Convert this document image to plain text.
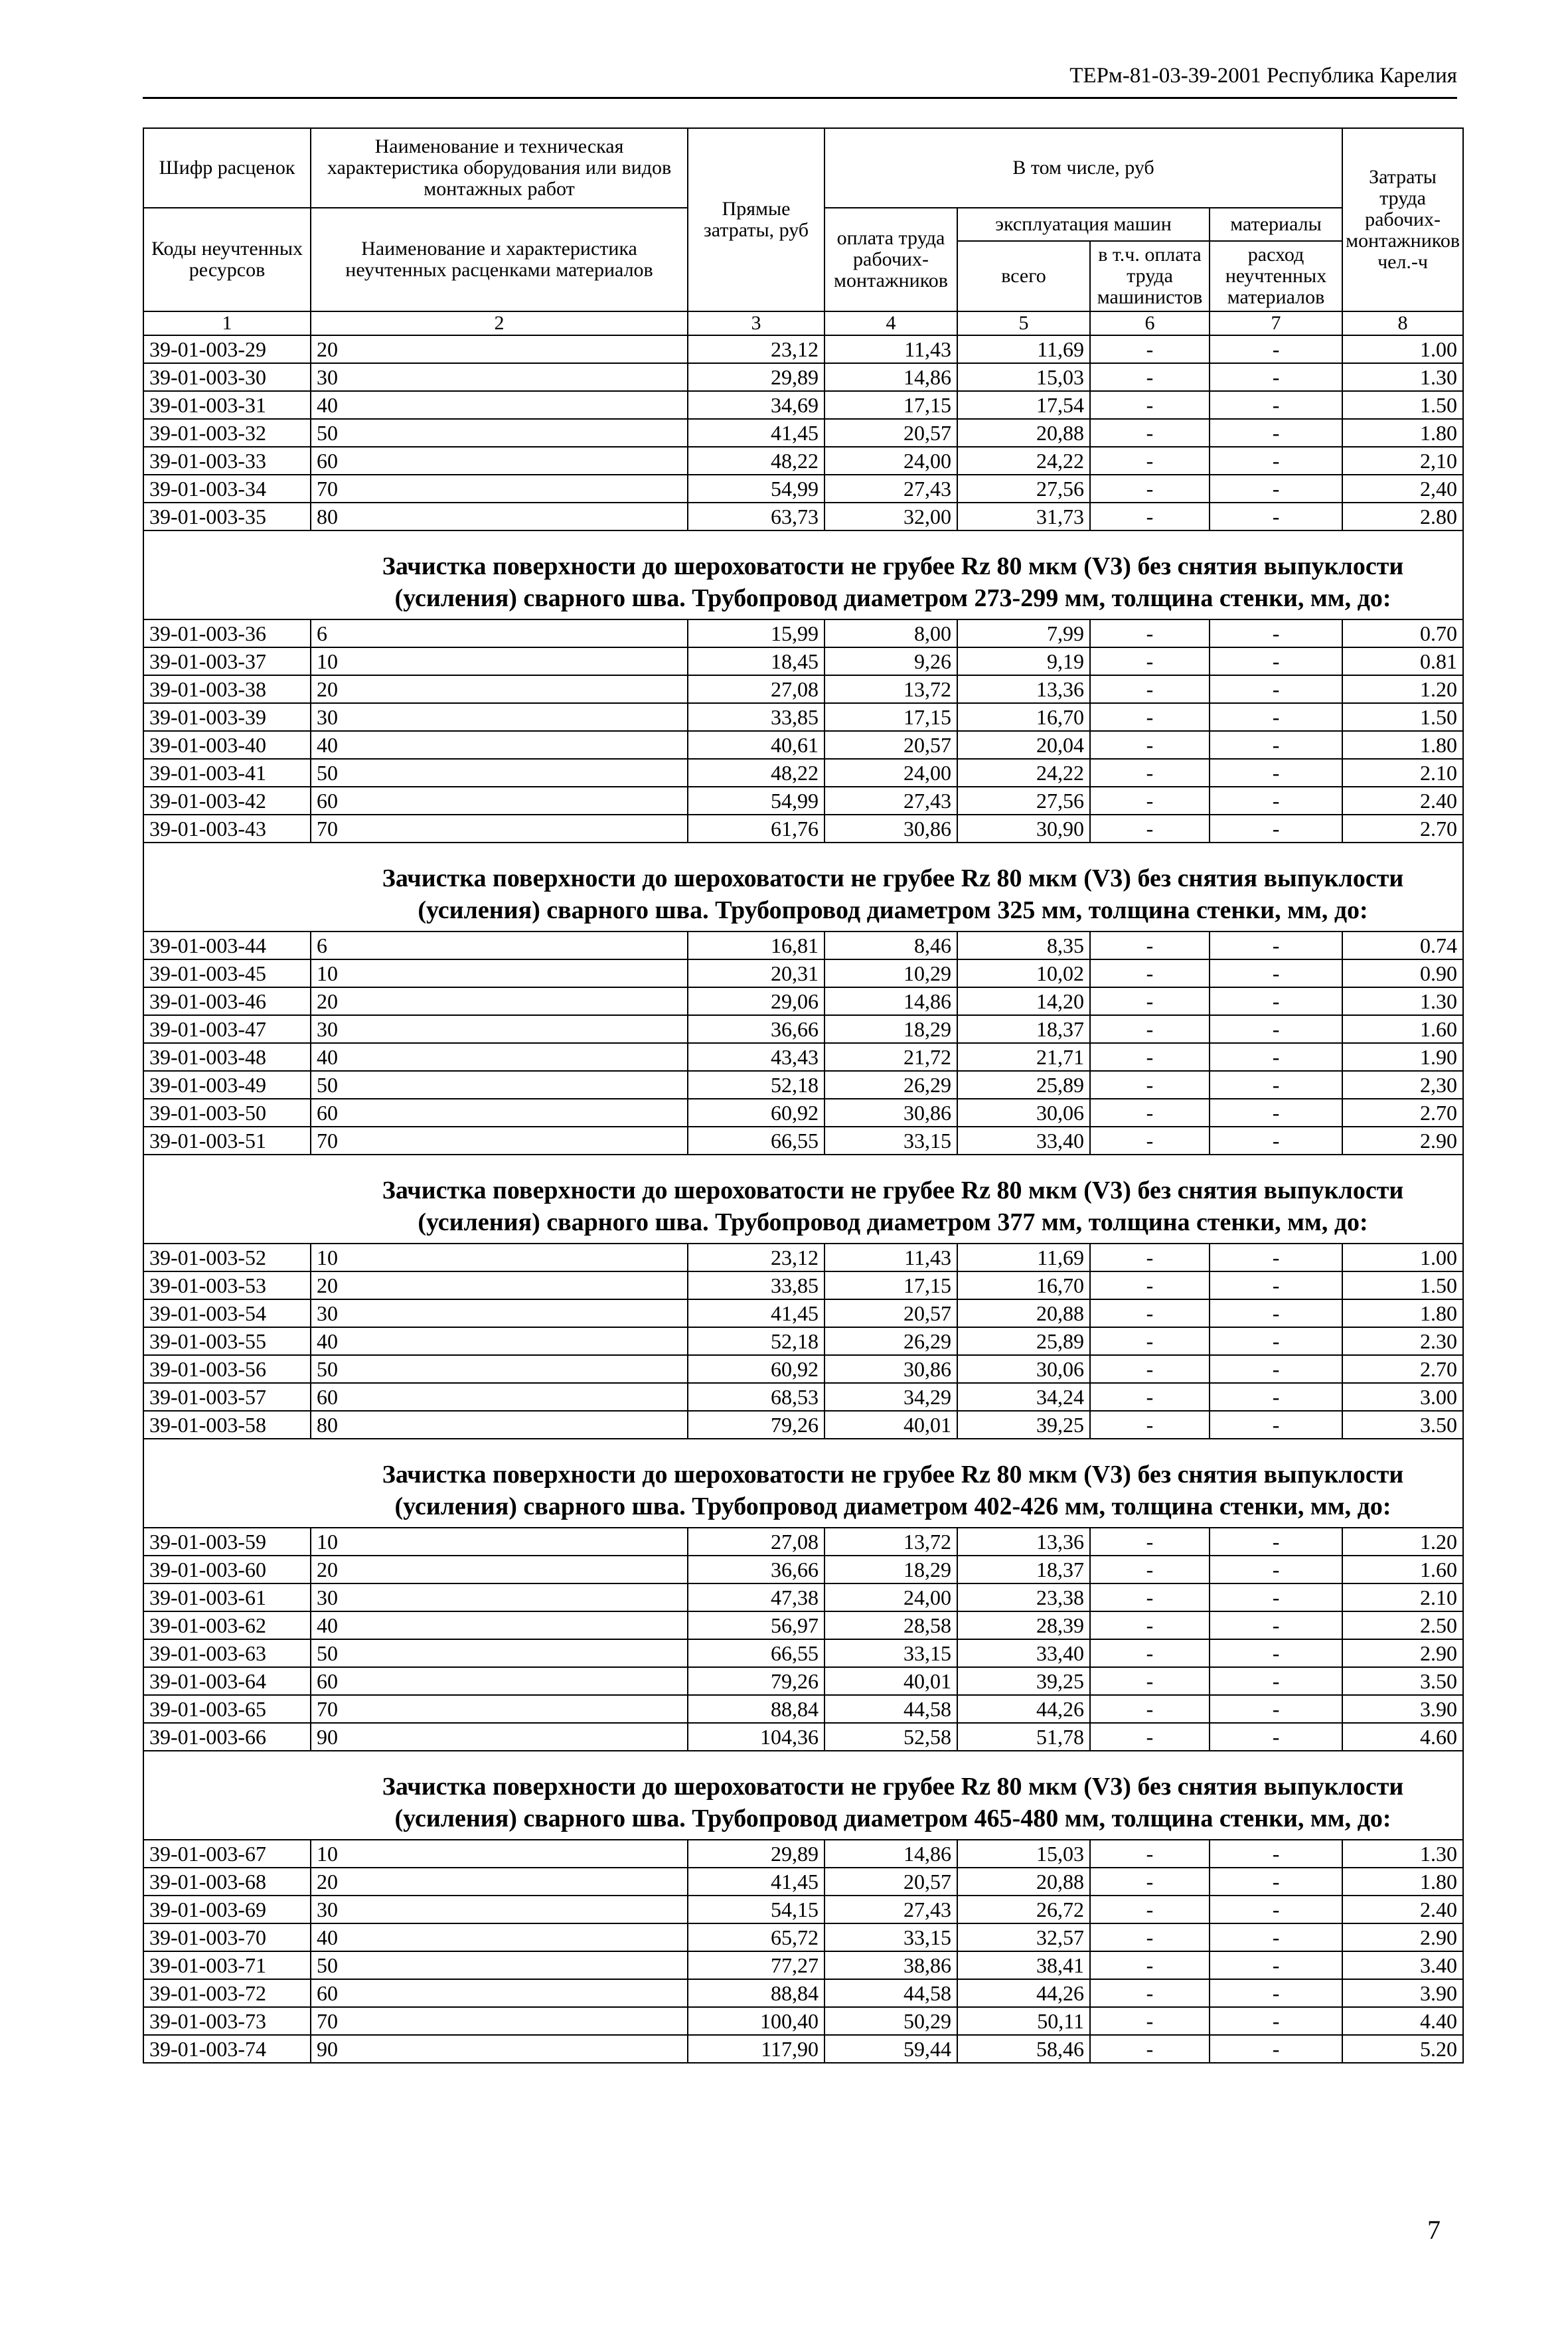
ТЕРм-81-03-39-2001 Республика Карелия
Шифр расценок	Наименование и техническая характеристика оборудования или видов монтажных работ	Прямые затраты, руб	В том числе, руб				Затраты труда рабочих-монтажников чел.-ч
Коды неучтенных ресурсов	Наименование и характеристика неучтенных расценками материалов		оплата труда рабочих-монтажников	эксплуатация машин		материалы	
				всего	в т.ч. оплата труда машинистов	расход неучтенных материалов	
1	2	3	4	5	6	7	8
39-01-003-29	20	23,12	11,43	11,69	-	-	1.00
39-01-003-30	30	29,89	14,86	15,03	-	-	1.30
39-01-003-31	40	34,69	17,15	17,54	-	-	1.50
39-01-003-32	50	41,45	20,57	20,88	-	-	1.80
39-01-003-33	60	48,22	24,00	24,22	-	-	2,10
39-01-003-34	70	54,99	27,43	27,56	-	-	2,40
39-01-003-35	80	63,73	32,00	31,73	-	-	2.80

Зачистка поверхности до шероховатости не грубее Rz 80 мкм (V3) без снятия выпуклости
(усиления) сварного шва. Трубопровод диаметром 273-299 мм, толщина стенки, мм, до:							

39-01-003-36	6	15,99	8,00	7,99	-	-	0.70
39-01-003-37	10	18,45	9,26	9,19	-	-	0.81
39-01-003-38	20	27,08	13,72	13,36	-	-	1.20
39-01-003-39	30	33,85	17,15	16,70	-	-	1.50
39-01-003-40	40	40,61	20,57	20,04	-	-	1.80
39-01-003-41	50	48,22	24,00	24,22	-	-	2.10
39-01-003-42	60	54,99	27,43	27,56	-	-	2.40
39-01-003-43	70	61,76	30,86	30,90	-	-	2.70

Зачистка поверхности до шероховатости не грубее Rz 80 мкм (V3) без снятия выпуклости
(усиления) сварного шва. Трубопровод диаметром 325 мм, толщина стенки, мм, до:							

39-01-003-44	6	16,81	8,46	8,35	-	-	0.74
39-01-003-45	10	20,31	10,29	10,02	-	-	0.90
39-01-003-46	20	29,06	14,86	14,20	-	-	1.30
39-01-003-47	30	36,66	18,29	18,37	-	-	1.60
39-01-003-48	40	43,43	21,72	21,71	-	-	1.90
39-01-003-49	50	52,18	26,29	25,89	-	-	2,30
39-01-003-50	60	60,92	30,86	30,06	-	-	2.70
39-01-003-51	70	66,55	33,15	33,40	-	-	2.90

Зачистка поверхности до шероховатости не грубее Rz 80 мкм (V3) без снятия выпуклости
(усиления) сварного шва. Трубопровод диаметром 377 мм, толщина стенки, мм, до:							

39-01-003-52	10	23,12	11,43	11,69	-	-	1.00
39-01-003-53	20	33,85	17,15	16,70	-	-	1.50
39-01-003-54	30	41,45	20,57	20,88	-	-	1.80
39-01-003-55	40	52,18	26,29	25,89	-	-	2.30
39-01-003-56	50	60,92	30,86	30,06	-	-	2.70
39-01-003-57	60	68,53	34,29	34,24	-	-	3.00
39-01-003-58	80	79,26	40,01	39,25	-	-	3.50

Зачистка поверхности до шероховатости не грубее Rz 80 мкм (V3) без снятия выпуклости
(усиления) сварного шва. Трубопровод диаметром 402-426 мм, толщина стенки, мм, до:							

39-01-003-59	10	27,08	13,72	13,36	-	-	1.20
39-01-003-60	20	36,66	18,29	18,37	-	-	1.60
39-01-003-61	30	47,38	24,00	23,38	-	-	2.10
39-01-003-62	40	56,97	28,58	28,39	-	-	2.50
39-01-003-63	50	66,55	33,15	33,40	-	-	2.90
39-01-003-64	60	79,26	40,01	39,25	-	-	3.50
39-01-003-65	70	88,84	44,58	44,26	-	-	3.90
39-01-003-66	90	104,36	52,58	51,78	-	-	4.60

Зачистка поверхности до шероховатости не грубее Rz 80 мкм (V3) без снятия выпуклости
(усиления) сварного шва. Трубопровод диаметром 465-480 мм, толщина стенки, мм, до:							

39-01-003-67	10	29,89	14,86	15,03	-	-	1.30
39-01-003-68	20	41,45	20,57	20,88	-	-	1.80
39-01-003-69	30	54,15	27,43	26,72	-	-	2.40
39-01-003-70	40	65,72	33,15	32,57	-	-	2.90
39-01-003-71	50	77,27	38,86	38,41	-	-	3.40
39-01-003-72	60	88,84	44,58	44,26	-	-	3.90
39-01-003-73	70	100,40	50,29	50,11	-	-	4.40
39-01-003-74	90	117,90	59,44	58,46	-	-	5.20
7
